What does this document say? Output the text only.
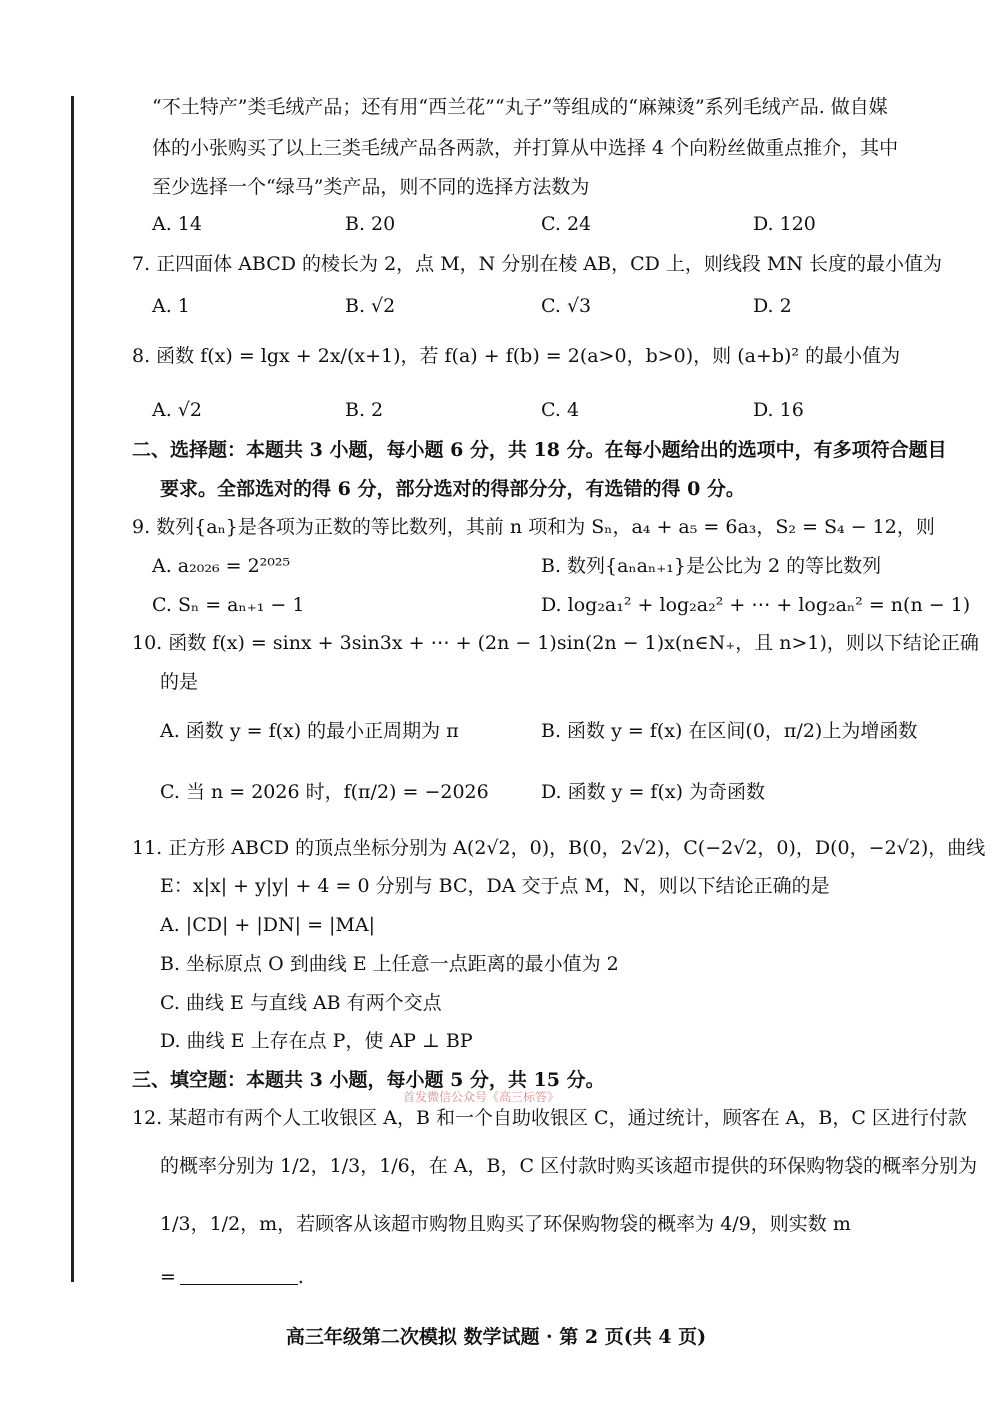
“不土特产”类毛绒产品；还有用“西兰花”“丸子”等组成的“麻辣烫”系列毛绒产品. 做自媒
体的小张购买了以上三类毛绒产品各两款，并打算从中选择 4 个向粉丝做重点推介，其中
至少选择一个“绿马”类产品，则不同的选择方法数为
A. 14	B. 20	C. 24	D. 120
7. 正四面体 ABCD 的棱长为 2，点 M，N 分别在棱 AB，CD 上，则线段 MN 长度的最小值为
A. 1	B. √2	C. √3	D. 2
8. 函数 f(x) = lgx + 2x/(x+1)，若 f(a) + f(b) = 2(a>0，b>0)，则 (a+b)² 的最小值为
A. √2	B. 2	C. 4	D. 16
二、选择题：本题共 3 小题，每小题 6 分，共 18 分。在每小题给出的选项中，有多项符合题目
要求。全部选对的得 6 分，部分选对的得部分分，有选错的得 0 分。
9. 数列{aₙ}是各项为正数的等比数列，其前 n 项和为 Sₙ，a₄ + a₅ = 6a₃，S₂ = S₄ − 12，则
A. a₂₀₂₆ = 2²⁰²⁵	B. 数列{aₙaₙ₊₁}是公比为 2 的等比数列
C. Sₙ = aₙ₊₁ − 1	D. log₂a₁² + log₂a₂² + ⋯ + log₂aₙ² = n(n − 1)
10. 函数 f(x) = sinx + 3sin3x + ⋯ + (2n − 1)sin(2n − 1)x(n∈N₊，且 n>1)，则以下结论正确
的是
A. 函数 y = f(x) 的最小正周期为 π	B. 函数 y = f(x) 在区间(0，π/2)上为增函数
C. 当 n = 2026 时，f(π/2) = −2026	D. 函数 y = f(x) 为奇函数
11. 正方形 ABCD 的顶点坐标分别为 A(2√2，0)，B(0，2√2)，C(−2√2，0)，D(0，−2√2)，曲线
E：x|x| + y|y| + 4 = 0 分别与 BC，DA 交于点 M，N，则以下结论正确的是
A. |CD| + |DN| = |MA|
B. 坐标原点 O 到曲线 E 上任意一点距离的最小值为 2
C. 曲线 E 与直线 AB 有两个交点
D. 曲线 E 上存在点 P，使 AP ⊥ BP
三、填空题：本题共 3 小题，每小题 5 分，共 15 分。
首发微信公众号《高三标答》
12. 某超市有两个人工收银区 A，B 和一个自助收银区 C，通过统计，顾客在 A，B，C 区进行付款
的概率分别为 1/2，1/3，1/6，在 A，B，C 区付款时购买该超市提供的环保购物袋的概率分别为
1/3，1/2，m，若顾客从该超市购物且购买了环保购物袋的概率为 4/9，则实数 m
=	.
高三年级第二次模拟 数学试题 · 第 2 页(共 4 页)
